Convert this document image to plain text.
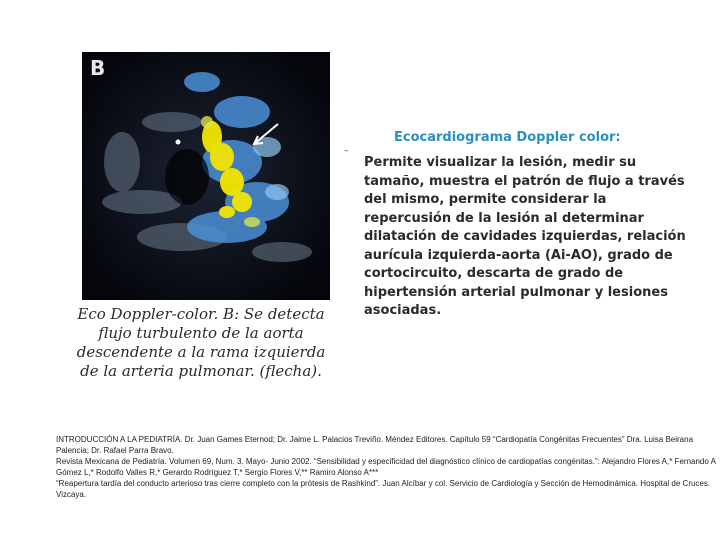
B
Eco Doppler-color. B: Se detecta flujo turbulento de la aorta descendente a la rama izquierda de la arteria pulmonar. (flecha).
–
Ecocardiograma Doppler color:
Permite visualizar la lesión, medir su tamaño, muestra el patrón de flujo a través del mismo, permite considerar la repercusión de la lesión al determinar dilatación de cavidades izquierdas, relación aurícula izquierda-aorta (Ai-AO), grado de cortocircuito, descarta de grado de hipertensión arterial pulmonar y lesiones asociadas.
INTRODUCCIÓN A LA PEDIATRÍA. Dr. Juan Games Eternod; Dr. Jaime L. Palacios Treviño. Méndez Editores. Capítulo 59 “Cardiopatía Congénitas Frecuentes” Dra. Luisa Beirana
Palencia; Dr. Rafael Parra Bravo.
Revista Mexicana de Pediatría. Volumen 69, Num. 3. Mayo- Junio 2002. “Sensibilidad y especificidad del diagnóstico clínico de cardiopatías congénitas.”: Alejandro Flores A,* Fernando A
Gómez L,* Rodolfo Valles R,* Gerardo Rodríguez T,* Sergio Flores V,** Ramiro Alonso A***
“Reapertura tardía del conducto arterioso tras cierre completo con la prótesis de Rashkind”. Juan Alcíbar y col. Servicio de Cardiología y Sección de Hemodinámica. Hospital de Cruces.
Vizcaya.
